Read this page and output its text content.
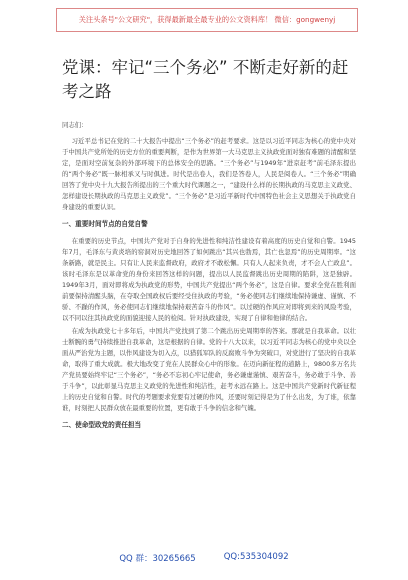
关注头条号"公文研究"，获得最新最全最专业的公文资料库！ 微信：gongwenyj
党课：牢记“三个务必” 不断走好新的赶考之路

同志们：

习近平总书记在党的二十大报告中提出“三个务必”的赶考要求。这是以习近平同志为核心的党中央对于中国共产党所处的历史方位的重要判断，是作为世界第一大马克思主义执政党面对独有难题的清醒和坚定，是面对空前复杂的外部环境下的总体安全的思路。“三个务必”与1949年“进京赶考”前毛泽东提出的“两个务必”既一脉相承又与时俱进。时代是出卷人，我们是答卷人，人民是阅卷人。“三个务必”明确回答了党中央十九大报告所提出的三个重大时代课题之一，“建设什么样的长期执政的马克思主义政党、怎样建设长期执政的马克思主义政党”。“三个务必”是习近平新时代中国特色社会主义思想关于执政党自身建设的重要认识。

一、重要时间节点的自觉自警

在重要的历史节点，中国共产党对于自身的先进性和纯洁性建设有着高度的历史自觉和自警。1945年7月，毛泽东与黄炎培的窑洞对历史地回答了如何跳出“其兴也勃焉，其亡也忽焉”的历史周期率。“这条新路，就是民主。只有让人民来监督政府，政府才不敢松懈。只有人人起来负责，才不会人亡政息”。该时毛泽东是以革命党的身份来回答这样的问题，提出以人民监督跳出历史周期的陷阱，这是独辟。1949年3月，面对即将成为执政党的形势，中国共产党提出“两个务必”，这是自律。要求全党在胜利面前要保持清醒头脑，在夺取全国政权后要经受住执政的考验，“务必使同志们继续地保持谦虚、谨慎、不骄、不躁的作风，务必使同志们继续地保持艰苦奋斗的作风”。以过硬的作风应对即将到来的风险考验，以不同以往其执政党的面貌迎接人民的检阅。针对执政建设，实现了自律和他律的结合。

在成为执政党七十多年后，中国共产党找到了第二个跳出历史周期率的答案。那就是自我革命。以壮士断腕的勇气持续推进自我革命，这是根据的自律。党的十八大以来，以习近平同志为核心的党中央以全面从严治党为主题，以作风建设为切入点，以猎狐军队的反腐败斗争为突破口，对党进行了坚决的自我革命，取得了重大成就。极大地改变了党在人民群众心中的形象。在迈向新征程的道路上，9800多万名共产党员要始终牢记“三个务必”，“务必不忘初心牢记使命，务必谦虚谨慎、艰苦奋斗，务必敢于斗争、善于斗争”，以此彰显马克思主义政党的先进性和纯洁性，赶考永远在路上。这是中国共产党新时代新征程上的历史自觉和自警。时代的考题要求党要有过硬的作风，还要时刻记得是为了什么出发，为了谁，依靠谁，时刻把人民群众放在最重要的位置，更有敢于斗争的信念和气魄。

二、使命型政党的责任担当

QQ 群：30265665	QQ:535304092
